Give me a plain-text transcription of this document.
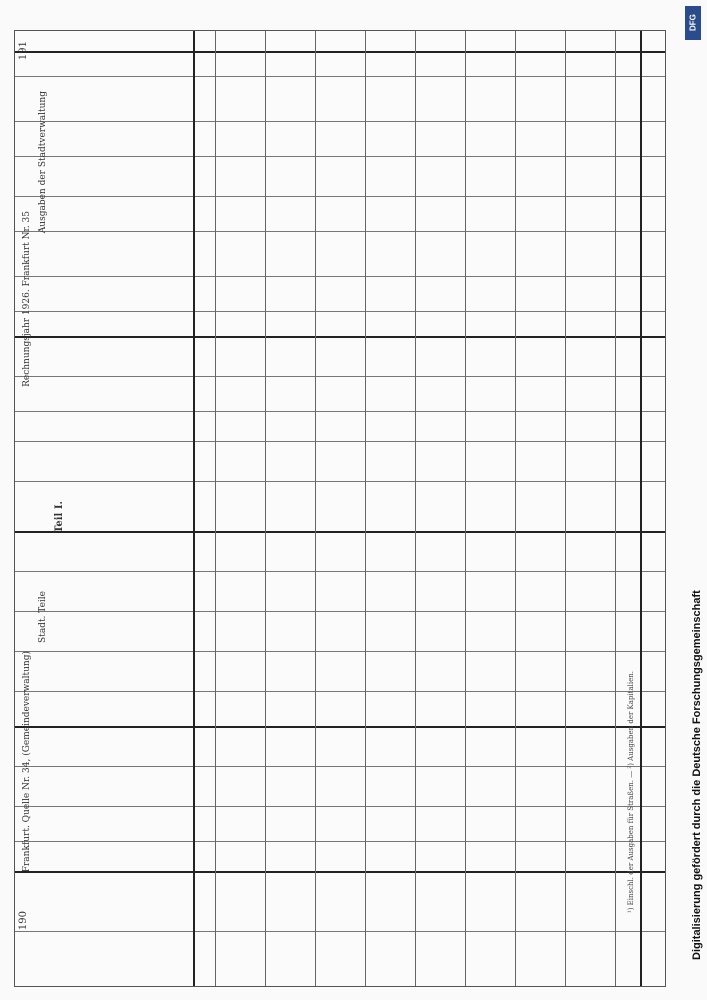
DFG
Digitalisierung gefördert durch die Deutsche Forschungsgemeinschaft
190
191
Frankfurt. Quelle Nr. 34, (Gemeindeverwaltung)
Rechnungsjahr 1926. Frankfurt Nr. 35
Teil I.
Stadt. Teile
Ausgaben der Stadtverwaltung
¹) Einschl. der Ausgaben für Straßen. — ²) Ausgaben der Kapitalien.
